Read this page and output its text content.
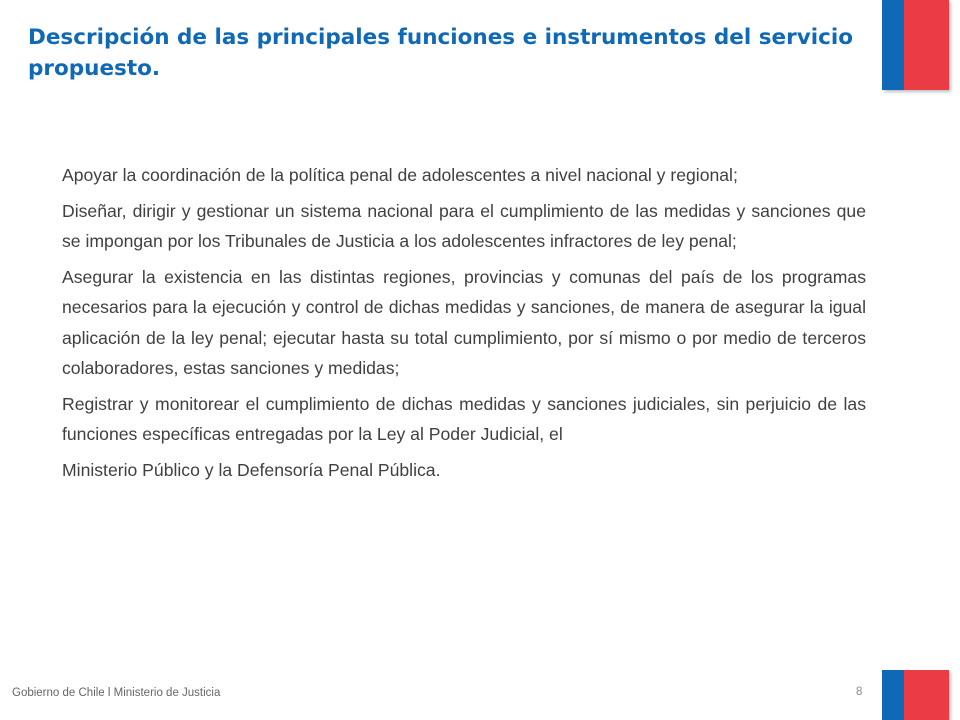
Descripción de las principales funciones e instrumentos del servicio propuesto.

Apoyar la coordinación de la política penal de adolescentes a nivel nacional y regional;

Diseñar, dirigir y gestionar un sistema nacional para el cumplimiento de las medidas y sanciones que se impongan por los Tribunales de Justicia a los adolescentes infractores de ley penal;

Asegurar la existencia en las distintas regiones, provincias y comunas del país de los programas necesarios para la ejecución y control de dichas medidas y sanciones, de manera de asegurar la igual aplicación de la ley penal; ejecutar hasta su total cumplimiento, por sí mismo o por medio de terceros colaboradores, estas sanciones y medidas;

Registrar y monitorear el cumplimiento de dichas medidas y sanciones judiciales, sin perjuicio de las funciones específicas entregadas por la Ley al Poder Judicial, el

Ministerio Público y la Defensoría Penal Pública.

Gobierno de Chile l Ministerio de Justicia	8
